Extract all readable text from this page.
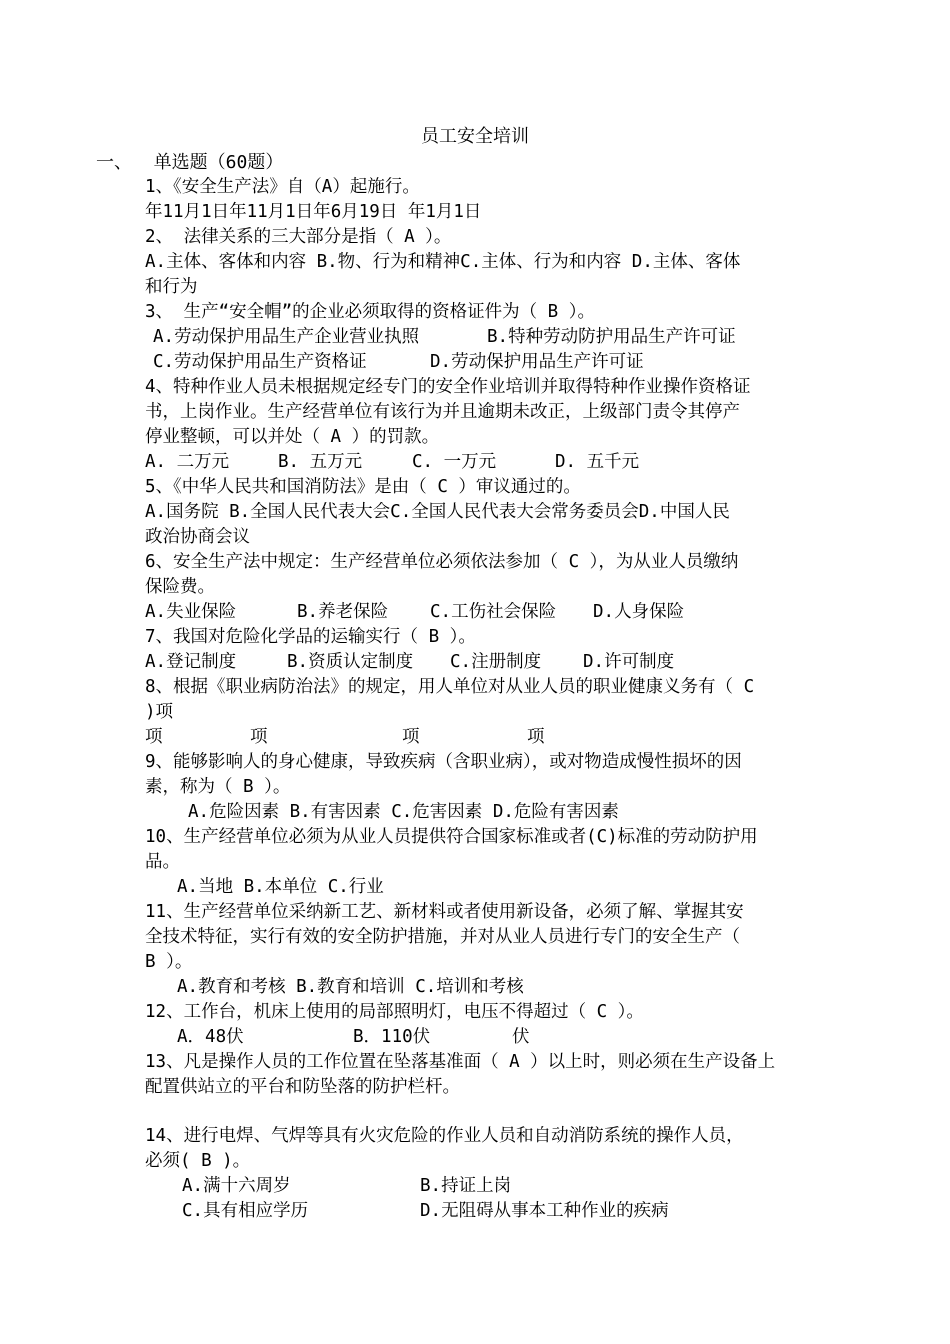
员工安全培训
一、  单选题（60题）
1、《安全生产法》自（A）起施行。
年11月1日年11月1日年6月19日 年1月1日
2、 法律关系的三大部分是指（ A ）。
A.主体、客体和内容 B.物、行为和精神C.主体、行为和内容 D.主体、客体
和行为
3、 生产“安全帽”的企业必须取得的资格证件为（ B ）。
A.劳动保护用品生产企业营业执照	B.特种劳动防护用品生产许可证
C.劳动保护用品生产资格证	D.劳动保护用品生产许可证
4、特种作业人员未根据规定经专门的安全作业培训并取得特种作业操作资格证
书，上岗作业。生产经营单位有该行为并且逾期未改正，上级部门责令其停产
停业整顿，可以并处（ A ）的罚款。
A. 二万元	B. 五万元	C. 一万元	D. 五千元
5、《中华人民共和国消防法》是由（ C ）审议通过的。
A.国务院 B.全国人民代表大会C.全国人民代表大会常务委员会D.中国人民
政治协商会议
6、安全生产法中规定：生产经营单位必须依法参加（ C ），为从业人员缴纳
保险费。
A.失业保险	B.养老保险 C.工伤社会保险 D.人身保险
7、我国对危险化学品的运输实行（ B ）。
A.登记制度	B.资质认定制度 C.注册制度 D.许可制度
8、根据《职业病防治法》的规定，用人单位对从业人员的职业健康义务有（ C
)项
项	项	项	项
9、能够影响人的身心健康，导致疾病（含职业病），或对物造成慢性损坏的因
素，称为（ B ）。
A.危险因素 B.有害因素 C.危害因素 D.危险有害因素
10、生产经营单位必须为从业人员提供符合国家标准或者(C)标准的劳动防护用
品。
A.当地 B.本单位 C.行业
11、生产经营单位采纳新工艺、新材料或者使用新设备，必须了解、掌握其安
全技术特征，实行有效的安全防护措施，并对从业人员进行专门的安全生产（
B ）。
A.教育和考核 B.教育和培训 C.培训和考核
12、工作台，机床上使用的局部照明灯，电压不得超过（ C ）。
A．48伏	B．110伏	伏
13、凡是操作人员的工作位置在坠落基准面（ A ）以上时，则必须在生产设备上
配置供站立的平台和防坠落的防护栏杆。
14、进行电焊、气焊等具有火灾危险的作业人员和自动消防系统的操作人员，
必须( B )。
A.满十六周岁	B.持证上岗
C.具有相应学历	D.无阻碍从事本工种作业的疾病
